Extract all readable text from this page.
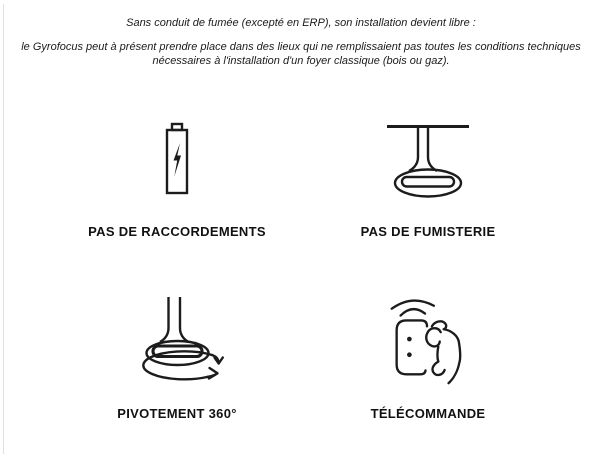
Sans conduit de fumée (excepté en ERP), son installation devient libre :

le Gyrofocus peut à présent prendre place dans des lieux qui ne remplissaient pas toutes les conditions techniques nécessaires à l'installation d'un foyer classique (bois ou gaz).

PAS DE RACCORDEMENTS	PAS DE FUMISTERIE
PIVOTEMENT 360°	TÉLÉCOMMANDE
